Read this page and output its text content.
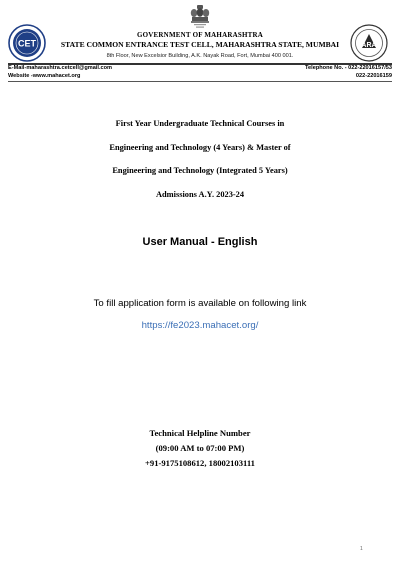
CET	ARA
GOVERNMENT OF MAHARASHTRA
STATE COMMON ENTRANCE TEST CELL, MAHARASHTRA STATE, MUMBAI
8th Floor, New Excelsior Building, A.K. Nayak Road, Fort, Mumbai 400 001.
E-Mail-maharashtra.cetcell@gmail.com
Website -www.mahacet.org
Telephone No. - 022-22016157/53
022-22016159
First Year Undergraduate Technical Courses in
Engineering and Technology (4 Years) & Master of
Engineering and Technology (Integrated 5 Years)
Admissions A.Y. 2023-24
User Manual - English
To fill application form is available on following link
https://fe2023.mahacet.org/
Technical Helpline Number
(09:00 AM to 07:00 PM)
+91-9175108612, 18002103111
1
